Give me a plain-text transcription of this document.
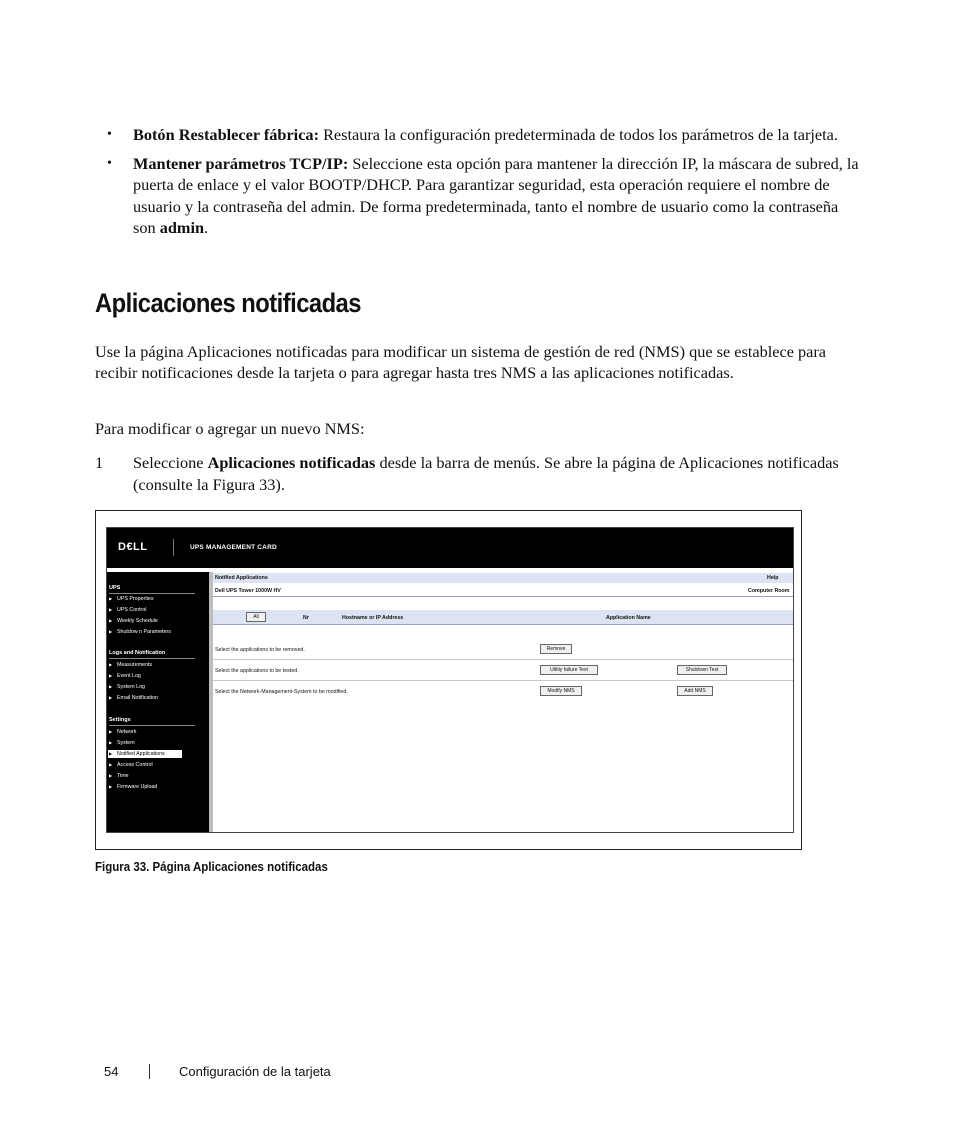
• Botón Restablecer fábrica: Restaura la configuración predeterminada de todos los parámetros de la tarjeta.
• Mantener parámetros TCP/IP: Seleccione esta opción para mantener la dirección IP, la máscara de subred, la puerta de enlace y el valor BOOTP/DHCP. Para garantizar seguridad, esta operación requiere el nombre de usuario y la contraseña del admin. De forma predeterminada, tanto el nombre de usuario como la contraseña son admin.
Aplicaciones notificadas

Use la página Aplicaciones notificadas para modificar un sistema de gestión de red (NMS) que se establece para recibir notificaciones desde la tarjeta o para agregar hasta tres NMS a las aplicaciones notificadas.

Para modificar o agregar un nuevo NMS:

1 Seleccione Aplicaciones notificadas desde la barra de menús. Se abre la página de Aplicaciones notificadas (consulte la Figura 33).
D€LL	UPS MANAGEMENT CARD
UPS
▶ UPS Properties
▶ UPS Control
▶ Weekly Schedule
▶ Shutdow n Parameters
Logs and Notification
▶ Measurements
▶ Event Log
▶ System Log
▶ Email Notification
Settings
▶ Network
▶ System
▶ Notified Applications
▶ Access Control
▶ Time
▶ Firmware Upload
Notified Applications	Help
Dell UPS Tower 1000W HV	Computer Room
All	Nr	Hostname or IP Address	Application Name
Select the applications to be removed.	Remove
Select the applications to be tested.	Utility failure Test	Shutdown Test
Select the Network-Management-System to be modified.	Modify NMS	Add NMS

Figura 33. Página Aplicaciones notificadas

54	Configuración de la tarjeta
